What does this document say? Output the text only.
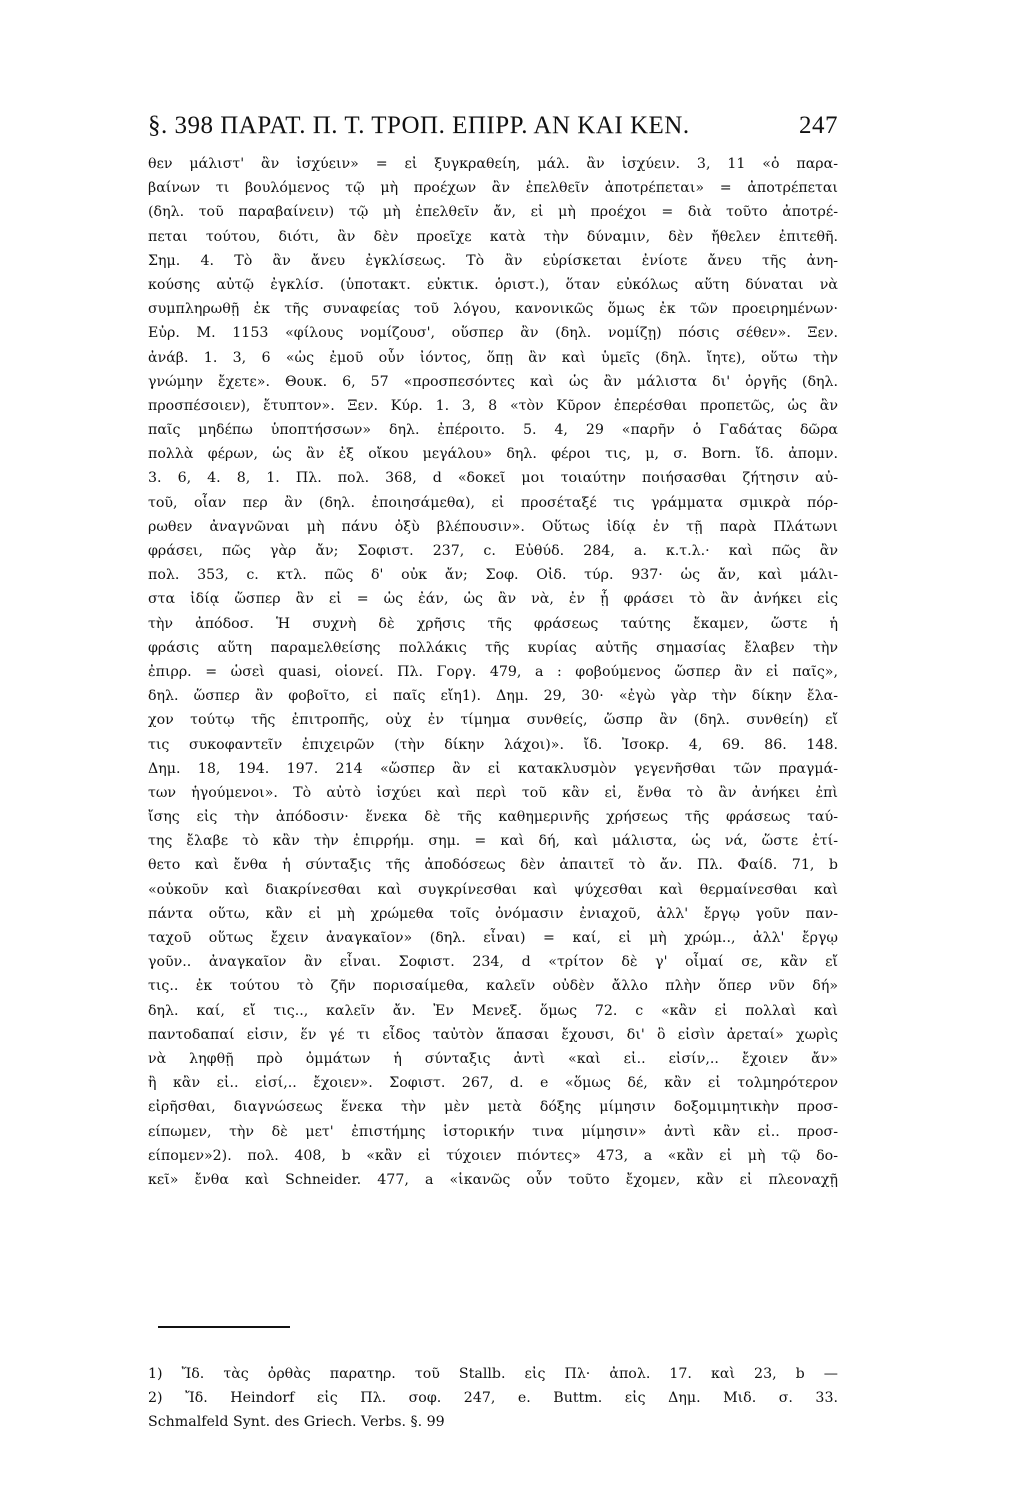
§. 398 ΠΑΡΑΤ. Π. Τ. ΤΡΟΠ. ΕΠΙΡΡ. ΑΝ ΚΑΙ ΚΕΝ.	247
θεν μάλιστ' ἂν ἰσχύειν» = εἰ ξυγκραθείη, μάλ. ἂν ἰσχύειν. 3, 11 «ὁ παρα-
βαίνων τι βουλόμενος τῷ μὴ προέχων ἂν ἐπελθεῖν ἀποτρέπεται» = ἀποτρέπεται
(δηλ. τοῦ παραβαίνειν) τῷ μὴ ἐπελθεῖν ἄν, εἰ μὴ προέχοι = διὰ τοῦτο ἀποτρέ-
πεται τούτου, διότι, ἂν δὲν προεῖχε κατὰ τὴν δύναμιν, δὲν ἤθελεν ἐπιτεθῆ.
Σημ. 4. Τὸ ἂν ἄνευ ἐγκλίσεως. Τὸ ἂν εὑρίσκεται ἐνίοτε ἄνευ τῆς ἀνη-
κούσης αὐτῷ ἐγκλίσ. (ὑποτακτ. εὐκτικ. ὁριστ.), ὅταν εὐκόλως αὕτη δύναται νὰ
συμπληρωθῇ ἐκ τῆς συναφείας τοῦ λόγου, κανονικῶς ὅμως ἐκ τῶν προειρημένων·
Εὐρ. Μ. 1153 «φίλους νομίζουσ', οὕσπερ ἂν (δηλ. νομίζῃ) πόσις σέθεν». Ξεν.
ἀνάβ. 1. 3, 6 «ὡς ἐμοῦ οὖν ἰόντος, ὅπῃ ἂν καὶ ὑμεῖς (δηλ. ἴητε), οὕτω τὴν
γνώμην ἔχετε». Θουκ. 6, 57 «προσπεσόντες καὶ ὡς ἂν μάλιστα δι' ὀργῆς (δηλ.
προσπέσοιεν), ἔτυπτον». Ξεν. Κύρ. 1. 3, 8 «τὸν Κῦρον ἐπερέσθαι προπετῶς, ὡς ἂν
παῖς μηδέπω ὑποπτήσσων» δηλ. ἐπέροιτο. 5. 4, 29 «παρῆν ὁ Γαδάτας δῶρα
πολλὰ φέρων, ὡς ἂν ἐξ οἴκου μεγάλου» δηλ. φέροι τις, μ, σ. Born. ἴδ. ἀπομν.
3. 6, 4. 8, 1. Πλ. πολ. 368, d «δοκεῖ μοι τοιαύτην ποιήσασθαι ζήτησιν αὐ-
τοῦ, οἷαν περ ἂν (δηλ. ἐποιησάμεθα), εἰ προσέταξέ τις γράμματα σμικρὰ πόρ-
ρωθεν ἀναγνῶναι μὴ πάνυ ὀξὺ βλέπουσιν». Οὕτως ἰδίᾳ ἐν τῇ παρὰ Πλάτωνι
φράσει, πῶς γὰρ ἄν; Σοφιστ. 237, c. Εὐθύδ. 284, a. κ.τ.λ.· καὶ πῶς ἂν
πολ. 353, c. κτλ. πῶς δ' οὐκ ἄν; Σοφ. Οἰδ. τύρ. 937· ὡς ἄν, καὶ μάλι-
στα ἰδίᾳ ὥσπερ ἂν εἰ = ὡς ἐάν, ὡς ἂν νὰ, ἐν ᾗ φράσει τὸ ἂν ἀνήκει εἰς
τὴν ἀπόδοσ. Ἡ συχνὴ δὲ χρῆσις τῆς φράσεως ταύτης ἔκαμεν, ὥστε ἡ
φράσις αὕτη παραμελθείσης πολλάκις τῆς κυρίας αὐτῆς σημασίας ἔλαβεν τὴν
ἐπιρρ. = ὡσεὶ quasi, οἱονεί. Πλ. Γοργ. 479, a : φοβούμενος ὥσπερ ἂν εἰ παῖς»,
δηλ. ὥσπερ ἂν φοβοῖτο, εἰ παῖς εἴη1). Δημ. 29, 30· «ἐγὼ γὰρ τὴν δίκην ἔλα-
χον τούτῳ τῆς ἐπιτροπῆς, οὐχ ἐν τίμημα συνθείς, ὥσπρ ἂν (δηλ. συνθείη) εἴ
τις συκοφαντεῖν ἐπιχειρῶν (τὴν δίκην λάχοι)». ἴδ. Ἰσοκρ. 4, 69. 86. 148.
Δημ. 18, 194. 197. 214 «ὥσπερ ἂν εἰ κατακλυσμὸν γεγενῆσθαι τῶν πραγμά-
των ἡγούμενοι». Τὸ αὐτὸ ἰσχύει καὶ περὶ τοῦ κἂν εἰ, ἔνθα τὸ ἂν ἀνήκει ἐπὶ
ἴσης εἰς τὴν ἀπόδοσιν· ἕνεκα δὲ τῆς καθημερινῆς χρήσεως τῆς φράσεως ταύ-
της ἔλαβε τὸ κἂν τὴν ἐπιρρήμ. σημ. = καὶ δή, καὶ μάλιστα, ὡς νά, ὥστε ἐτί-
θετο καὶ ἔνθα ἡ σύνταξις τῆς ἀποδόσεως δὲν ἀπαιτεῖ τὸ ἄν. Πλ. Φαίδ. 71, b
«οὐκοῦν καὶ διακρίνεσθαι καὶ συγκρίνεσθαι καὶ ψύχεσθαι καὶ θερμαίνεσθαι καὶ
πάντα οὕτω, κἂν εἰ μὴ χρώμεθα τοῖς ὀνόμασιν ἐνιαχοῦ, ἀλλ' ἔργῳ γοῦν παν-
ταχοῦ οὕτως ἔχειν ἀναγκαῖον» (δηλ. εἶναι) = καί, εἰ μὴ χρώμ.., ἀλλ' ἔργῳ
γοῦν.. ἀναγκαῖον ἂν εἶναι. Σοφιστ. 234, d «τρίτον δὲ γ' οἶμαί σε, κἂν εἴ
τις.. ἐκ τούτου τὸ ζῆν πορισαίμεθα, καλεῖν οὐδὲν ἄλλο πλὴν ὅπερ νῦν δή»
δηλ. καί, εἴ τις.., καλεῖν ἄν. Ἐν Μενεξ. ὅμως 72. c «κἂν εἰ πολλαὶ καὶ
παντοδαπαί εἰσιν, ἕν γέ τι εἶδος ταὐτὸν ἅπασαι ἔχουσι, δι' ὃ εἰσὶν ἀρεταί» χωρὶς
νὰ ληφθῇ πρὸ ὀμμάτων ἡ σύνταξις ἀντὶ «καὶ εἰ.. εἰσίν,.. ἔχοιεν ἄν»
ἢ κἂν εἰ.. εἰσί,.. ἔχοιεν». Σοφιστ. 267, d. e «ὅμως δέ, κἂν εἰ τολμηρότερον
εἰρῆσθαι, διαγνώσεως ἕνεκα τὴν μὲν μετὰ δόξης μίμησιν δοξομιμητικὴν προσ-
είπωμεν, τὴν δὲ μετ' ἐπιστήμης ἱστορικήν τινα μίμησιν» ἀντὶ κἂν εἰ.. προσ-
είπομεν»2). πολ. 408, b «κἂν εἰ τύχοιεν πιόντες» 473, a «κἂν εἰ μὴ τῷ δο-
κεῖ» ἔνθα καὶ Schneider. 477, a «ἱκανῶς οὖν τοῦτο ἔχομεν, κἂν εἰ πλεοναχῇ
1) Ἴδ. τὰς ὀρθὰς παρατηρ. τοῦ Stallb. εἰς Πλ· ἀπολ. 17. καὶ 23, b —
2) Ἴδ. Heindorf εἰς Πλ. σοφ. 247, e. Buttm. εἰς Δημ. Μιδ. σ. 33.
Schmalfeld Synt. des Griech. Verbs. §. 99
